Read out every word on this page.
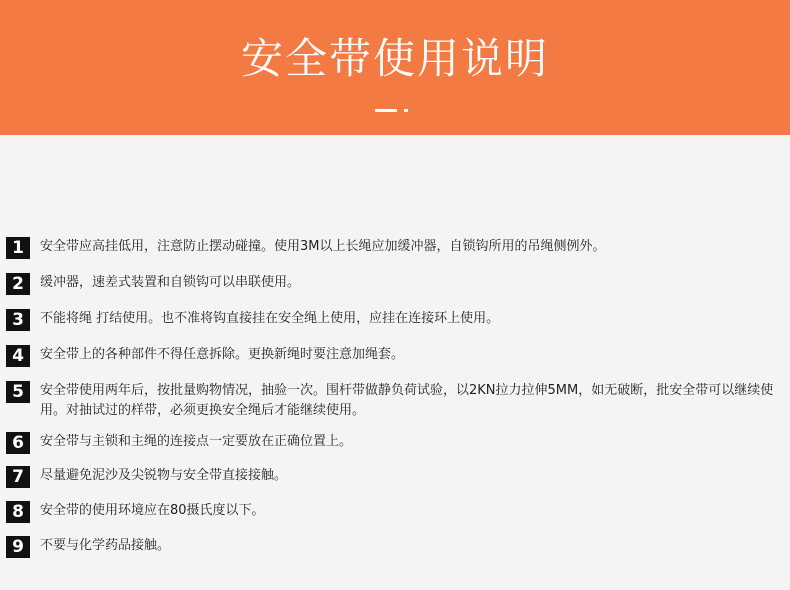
安全带使用说明
1	安全带应高挂低用，注意防止摆动碰撞。使用3M以上长绳应加缓冲器，自锁钩所用的吊绳侧例外。
2	缓冲器，速差式装置和自锁钩可以串联使用。
3	不能将绳 打结使用。也不准将钩直接挂在安全绳上使用，应挂在连接环上使用。
4	安全带上的各种部件不得任意拆除。更换新绳时要注意加绳套。
5	安全带使用两年后，按批量购物情况，抽验一次。围杆带做静负荷试验，以2KN拉力拉伸5MM，如无破断，批安全带可以继续使用。对抽试过的样带，必须更换安全绳后才能继续使用。
6	安全带与主锁和主绳的连接点一定要放在正确位置上。
7	尽量避免泥沙及尖锐物与安全带直接接触。
8	安全带的使用环境应在80摄氏度以下。
9	不要与化学药品接触。
